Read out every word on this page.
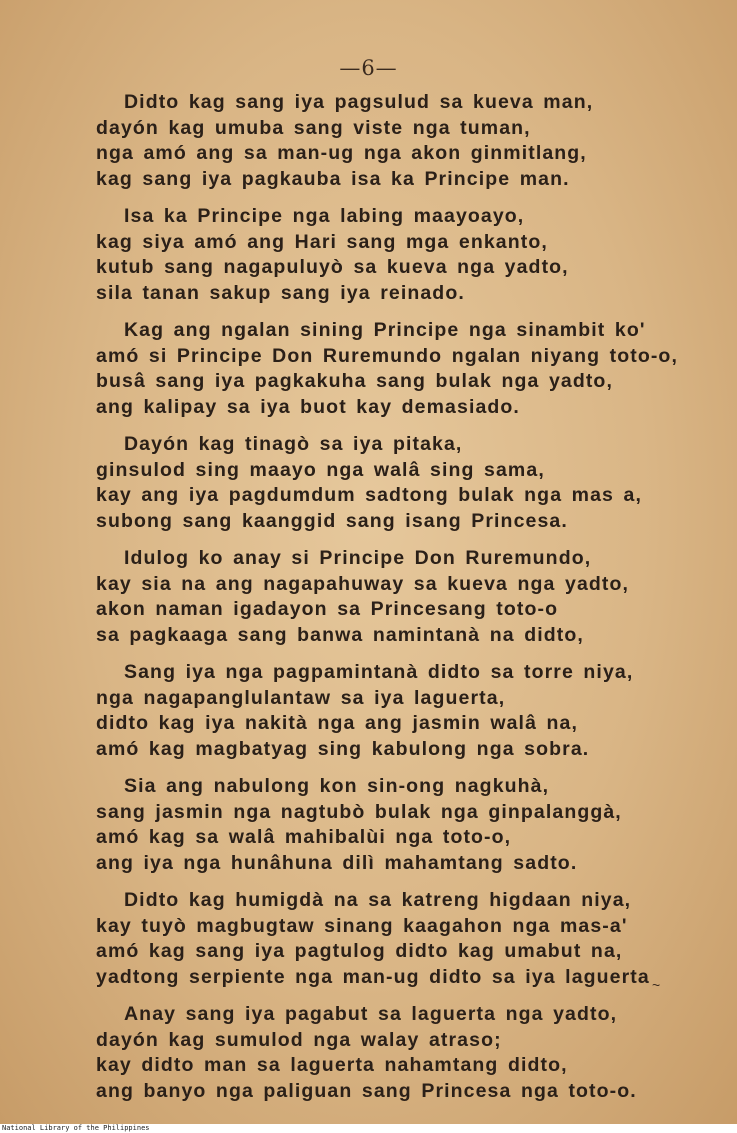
—6—
Didto kag sang iya pagsulud sa kueva man,
dayón kag umuba sang viste nga tuman,
nga amó ang sa man-ug nga akon ginmitlang,
kag sang iya pagkauba isa ka Principe man.
Isa ka Principe nga labing maayoayo,
kag siya amó ang Hari sang mga enkanto,
kutub sang nagapuluyò sa kueva nga yadto,
sila tanan sakup sang iya reinado.
Kag ang ngalan sining Principe nga sinambit ko'
amó si Principe Don Ruremundo ngalan niyang toto-o,
busâ sang iya pagkakuha sang bulak nga yadto,
ang kalipay sa iya buot kay demasiado.
Dayón kag tinagò sa iya pitaka,
ginsulod sing maayo nga walâ sing sama,
kay ang iya pagdumdum sadtong bulak nga mas a,
subong sang kaanggid sang isang Princesa.
Idulog ko anay si Principe Don Ruremundo,
kay sia na ang nagapahuway sa kueva nga yadto,
akon naman igadayon sa Princesang toto-o
sa pagkaaga sang banwa namintanà na didto,
Sang iya nga pagpamintanà didto sa torre niya,
nga nagapanglulantaw sa iya laguerta,
didto kag iya nakità nga ang jasmin walâ na,
amó kag magbatyag sing kabulong nga sobra.
Sia ang nabulong kon sin-ong nagkuhà,
sang jasmin nga nagtubò bulak nga ginpalanggà,
amó kag sa walâ mahibalùi nga toto-o,
ang iya nga hunâhuna dilì mahamtang sadto.
Didto kag humigdà na sa katreng higdaan niya,
kay tuyò magbugtaw sinang kaagahon nga mas-a'
amó kag sang iya pagtulog didto kag umabut na,
yadtong serpiente nga man-ug didto sa iya laguerta
Anay sang iya pagabut sa laguerta nga yadto,
dayón kag sumulod nga walay atraso;
kay didto man sa laguerta nahamtang didto,
ang banyo nga paliguan sang Princesa nga toto-o.
~
National Library of the Philippines
